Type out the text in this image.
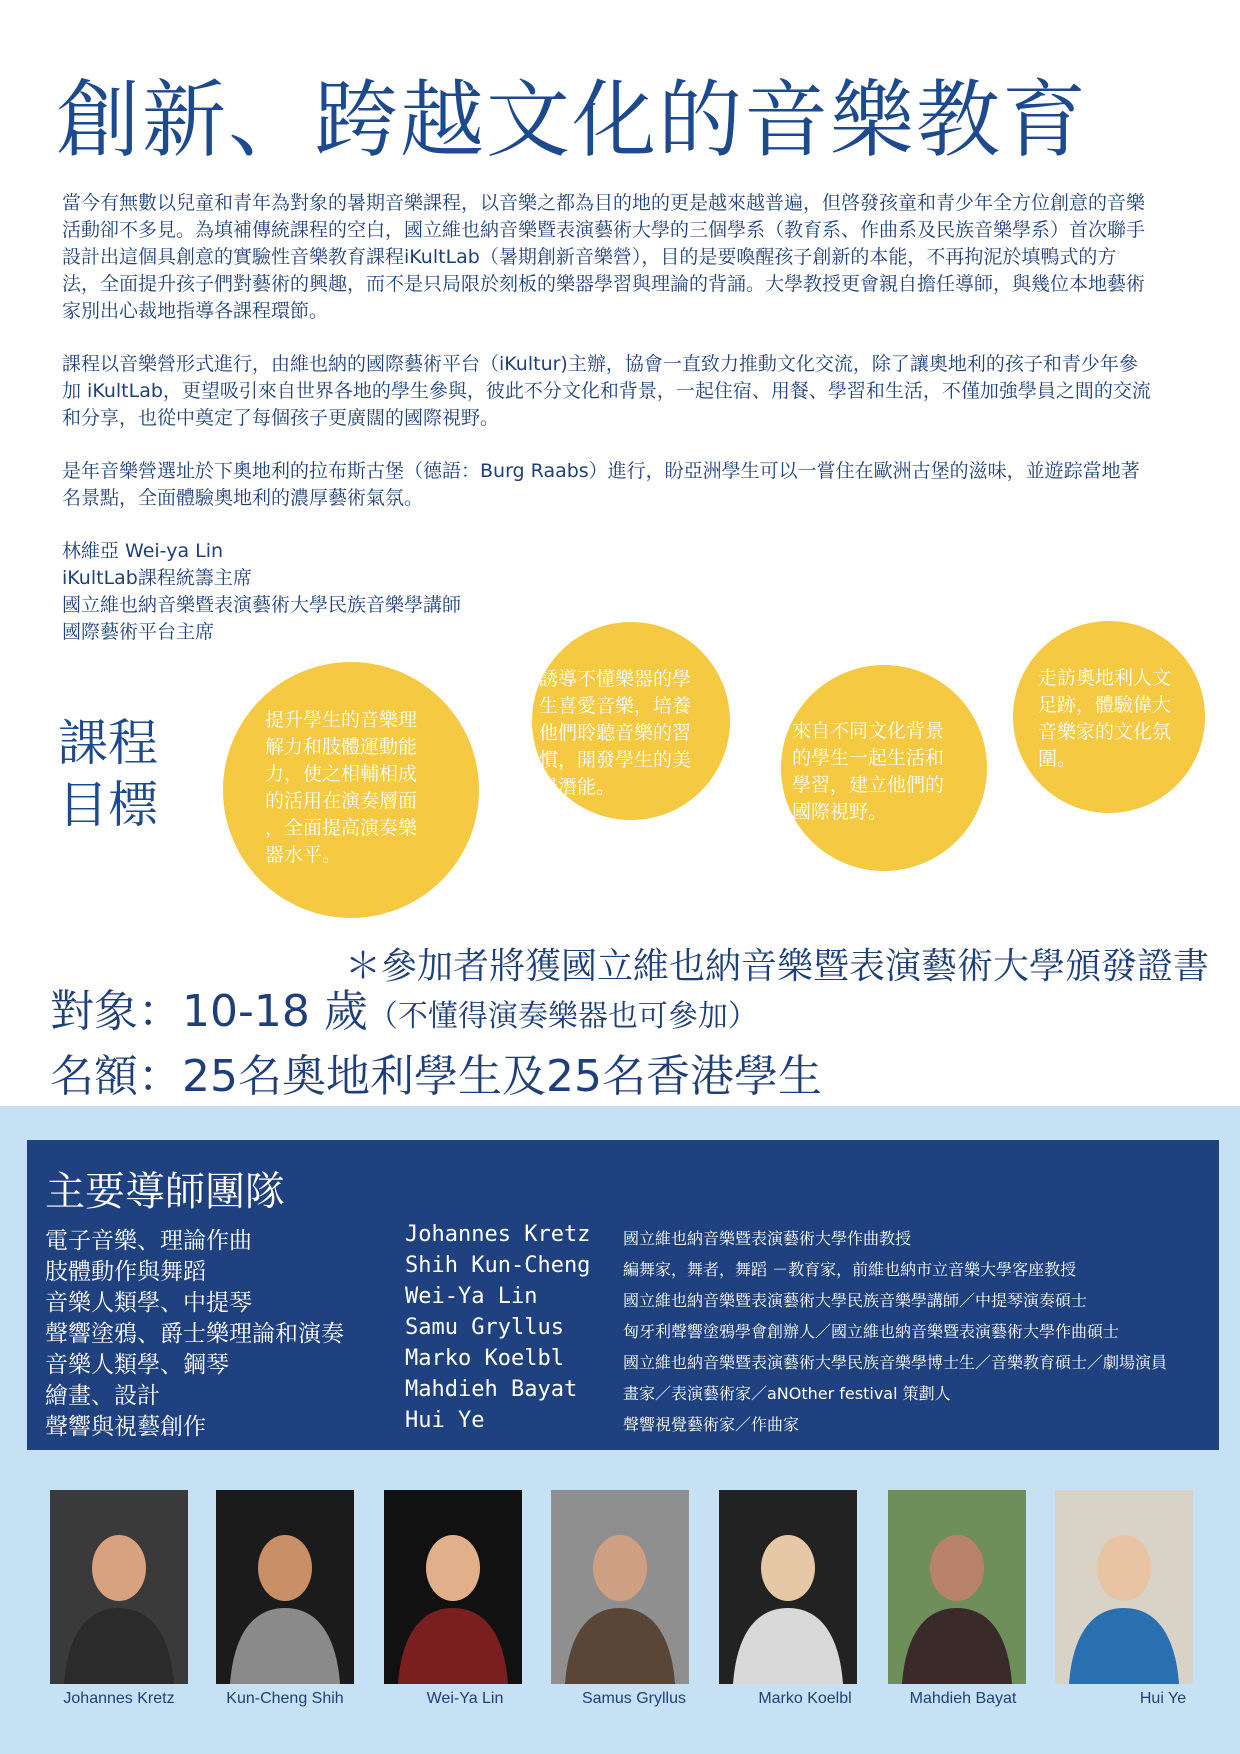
創新、跨越文化的音樂教育

當今有無數以兒童和青年為對象的暑期音樂課程，以音樂之都為目的地的更是越來越普遍，但啓發孩童和青少年全方位創意的音樂活動卻不多見。為填補傳統課程的空白，國立維也納音樂暨表演藝術大學的三個學系（教育系、作曲系及民族音樂學系）首次聯手設計出這個具創意的實驗性音樂教育課程iKultLab（暑期創新音樂營），目的是要喚醒孩子創新的本能，不再拘泥於填鴨式的方法，全面提升孩子們對藝術的興趣，而不是只局限於刻板的樂器學習與理論的背誦。大學教授更會親自擔任導師，與幾位本地藝術家別出心裁地指導各課程環節。

課程以音樂營形式進行，由維也納的國際藝術平台（iKultur)主辦，協會一直致力推動文化交流，除了讓奧地利的孩子和青少年參加 iKultLab，更望吸引來自世界各地的學生參與，彼此不分文化和背景，一起住宿、用餐、學習和生活，不僅加強學員之間的交流和分享，也從中奠定了每個孩子更廣闊的國際視野。

是年音樂營選址於下奧地利的拉布斯古堡（德語：Burg Raabs）進行，盼亞洲學生可以一嘗住在歐洲古堡的滋味，並遊踪當地著名景點，全面體驗奧地利的濃厚藝術氣氛。

林維亞 Wei-ya Lin

iKultLab課程統籌主席

國立維也納音樂暨表演藝術大學民族音樂學講師

國際藝術平台主席

課程
目標
提升學生的音樂理
解力和肢體運動能
力，使之相輔相成
的活用在演奏層面
，全面提高演奏樂
器水平。
誘導不懂樂器的學
生喜愛音樂，培養
他們聆聽音樂的習
慣，開發學生的美
學潛能。
來自不同文化背景
的學生一起生活和
學習，建立他們的
國際視野。
走訪奧地利人文
足跡，體驗偉大
音樂家的文化氛
圍。

＊參加者將獲國立維也納音樂暨表演藝術大學頒發證書

對象：10-18 歲（不懂得演奏樂器也可參加）

名額：25名奧地利學生及25名香港學生

主要導師團隊
電子音樂、理論作曲	Johannes Kretz 國立維也納音樂暨表演藝術大學作曲教授
肢體動作與舞蹈	Shih Kun-Cheng 編舞家，舞者，舞蹈 －教育家，前維也納市立音樂大學客座教授
音樂人類學、中提琴	Wei-Ya Lin	國立維也納音樂暨表演藝術大學民族音樂學講師／中提琴演奏碩士
聲響塗鴉、爵士樂理論和演奏	Samu Gryllus	匈牙利聲響塗鴉學會創辦人／國立維也納音樂暨表演藝術大學作曲碩士
音樂人類學、鋼琴	Marko Koelbl	國立維也納音樂暨表演藝術大學民族音樂學博士生／音樂教育碩士／劇場演員
繪畫、設計	Mahdieh Bayat	畫家／表演藝術家／aNOther festival 策劃人
聲響與視藝創作	Hui Ye	聲響視覺藝術家／作曲家
Johannes Kretz	Kun-Cheng Shih	Wei-Ya Lin	Samus Gryllus	Marko Koelbl	Mahdieh Bayat	Hui Ye
